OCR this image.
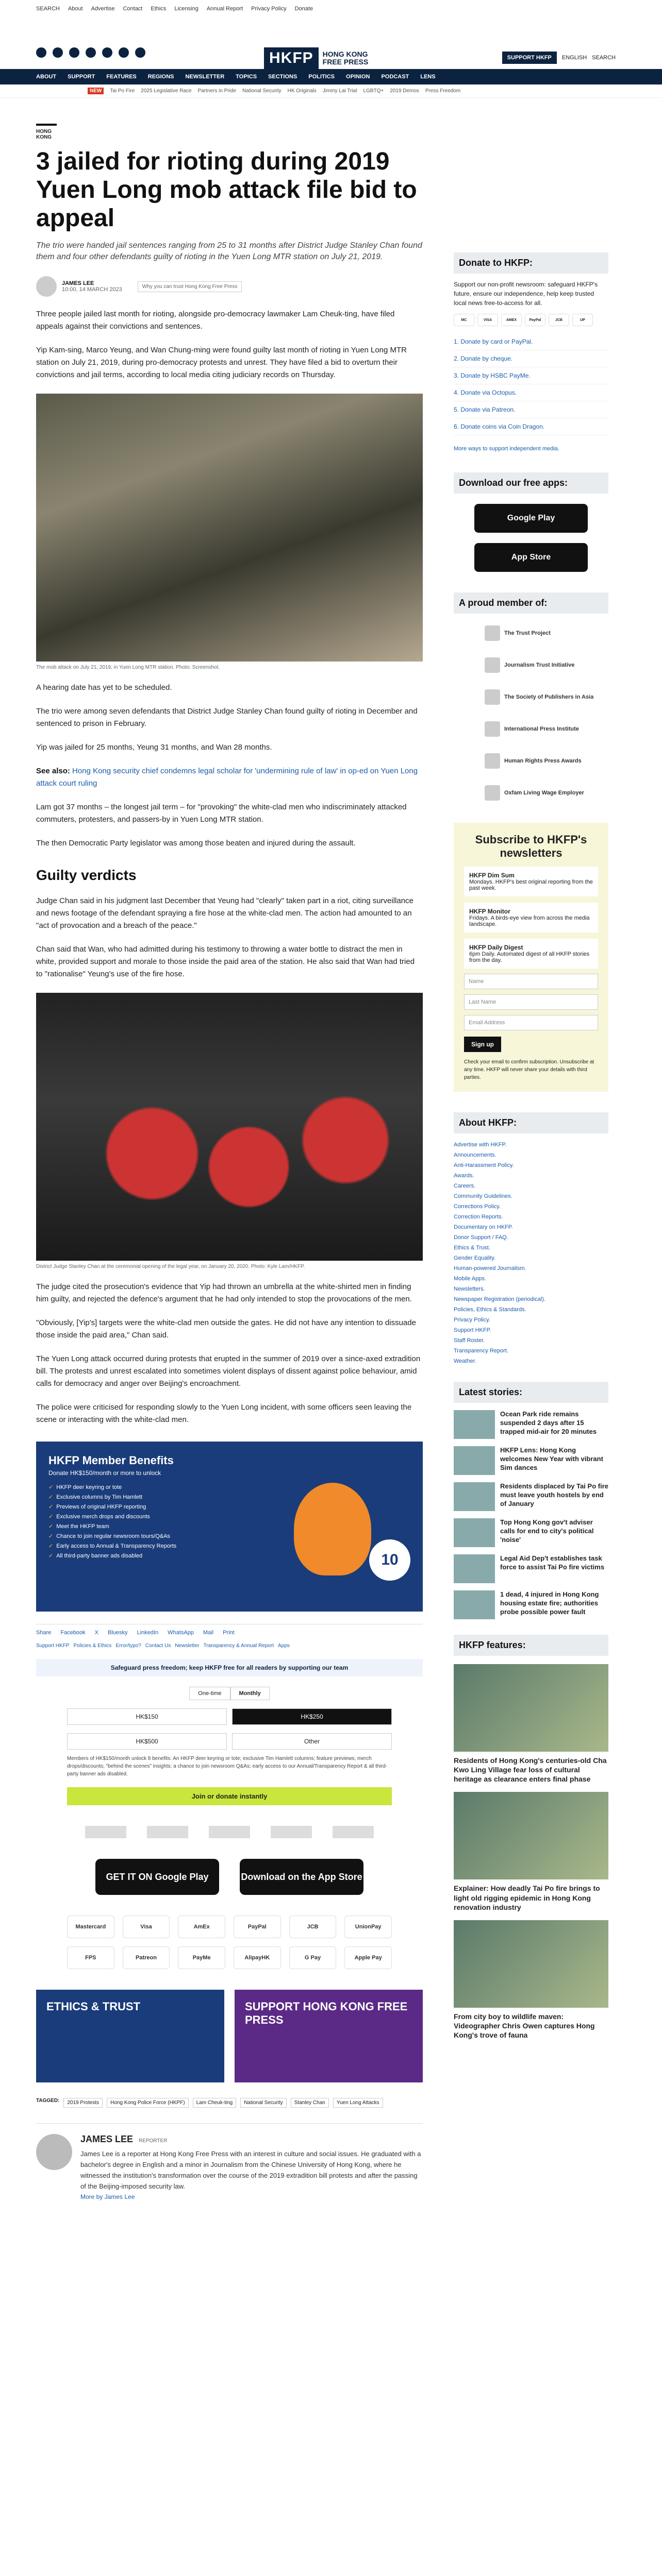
SEARCH About Advertise Contact Ethics Licensing Annual Report Privacy Policy Donate
HKFP	HONG KONG
FREE PRESS	SUPPORT HKFP	ENGLISH SEARCH
ABOUT SUPPORT FEATURES REGIONS NEWSLETTER TOPICS SECTIONS POLITICS OPINION PODCAST LENS
NEW	Tai Po Fire 2025 Legislative Race Partners in Pride National Security HK Originals Jimmy Lai Trial LGBTQ+ 2019 Demos Press Freedom
HONG KONG
3 jailed for rioting during 2019 Yuen Long mob attack file bid to appeal

The trio were handed jail sentences ranging from 25 to 31 months after District Judge Stanley Chan found them and four other defendants guilty of rioting in the Yuen Long MTR station on July 21, 2019.

JAMES LEE
10:00, 14 MARCH 2023	Why you can trust Hong Kong Free Press

Three people jailed last month for rioting, alongside pro-democracy lawmaker Lam Cheuk-ting, have filed appeals against their convictions and sentences.

Yip Kam-sing, Marco Yeung, and Wan Chung-ming were found guilty last month of rioting in Yuen Long MTR station on July 21, 2019, during pro-democracy protests and unrest. They have filed a bid to overturn their convictions and jail terms, according to local media citing judiciary records on Thursday.

The mob attack on July 21, 2019, in Yuen Long MTR station. Photo: Screenshot.

A hearing date has yet to be scheduled.

The trio were among seven defendants that District Judge Stanley Chan found guilty of rioting in December and sentenced to prison in February.

Yip was jailed for 25 months, Yeung 31 months, and Wan 28 months.

See also: Hong Kong security chief condemns legal scholar for 'undermining rule of law' in op-ed on Yuen Long attack court ruling

Lam got 37 months – the longest jail term – for "provoking" the white-clad men who indiscriminately attacked commuters, protesters, and passers-by in Yuen Long MTR station.

The then Democratic Party legislator was among those beaten and injured during the assault.

Guilty verdicts

Judge Chan said in his judgment last December that Yeung had "clearly" taken part in a riot, citing surveillance and news footage of the defendant spraying a fire hose at the white-clad men. The action had amounted to an "act of provocation and a breach of the peace."

Chan said that Wan, who had admitted during his testimony to throwing a water bottle to distract the men in white, provided support and morale to those inside the paid area of the station. He also said that Wan had tried to "rationalise" Yeung's use of the fire hose.

District Judge Stanley Chan at the ceremonial opening of the legal year, on January 20, 2020. Photo: Kyle Lam/HKFP.

The judge cited the prosecution's evidence that Yip had thrown an umbrella at the white-shirted men in finding him guilty, and rejected the defence's argument that he had only intended to stop the provocations of the men.

"Obviously, [Yip's] targets were the white-clad men outside the gates. He did not have any intention to dissuade those inside the paid area," Chan said.

The Yuen Long attack occurred during protests that erupted in the summer of 2019 over a since-axed extradition bill. The protests and unrest escalated into sometimes violent displays of dissent against police behaviour, amid calls for democracy and anger over Beijing's encroachment.

The police were criticised for responding slowly to the Yuen Long incident, with some officers seen leaving the scene or interacting with the white-clad men.

HKFP Member Benefits
Donate HK$150/month or more to unlock
✓ HKFP deer keyring or tote
✓ Exclusive columns by Tim Hamlett
✓ Previews of original HKFP reporting
✓ Exclusive merch drops and discounts
✓ Meet the HKFP team
✓ Chance to join regular newsroom tours/Q&As
✓ Early access to Annual & Transparency Reports
✓ All third-party banner ads disabled	10
Share Facebook X Bluesky LinkedIn WhatsApp Mail Print
Support HKFP Policies & Ethics Error/typo? Contact Us Newsletter Transparency & Annual Report Apps
Safeguard press freedom; keep HKFP free for all readers by supporting our team
One-time	Monthly
HK$150	HK$250
HK$500	Other
Members of HK$150/month unlock 8 benefits: An HKFP deer keyring or tote; exclusive Tim Hamlett columns; feature previews; merch drops/discounts; "behind the scenes" insights; a chance to join newsroom Q&As; early access to our Annual/Transparency Report & all third-party banner ads disabled.
Join or donate instantly
GET IT ON Google Play	Download on the App Store
Mastercard	Visa	AmEx	PayPal	JCB	UnionPay
FPS	Patreon	PayMe	AlipayHK	G Pay	Apple Pay
ETHICS & TRUST	SUPPORT HONG KONG FREE PRESS
TAGGED:	2019 Protests	Hong Kong Police Force (HKPF)	Lam Cheuk-ting	National Security	Stanley Chan	Yuen Long Attacks
JAMES LEE REPORTER
James Lee is a reporter at Hong Kong Free Press with an interest in culture and social issues. He graduated with a bachelor's degree in English and a minor in Journalism from the Chinese University of Hong Kong, where he witnessed the institution's transformation over the course of the 2019 extradition bill protests and after the passing of the Beijing-imposed security law.
More by James Lee
Donate to HKFP:

Support our non-profit newsroom: safeguard HKFP's future, ensure our independence, help keep trusted local news free-to-access for all.

MC	VISA	AMEX	PayPal	JCB	UP
1. Donate by card or PayPal.
2. Donate by cheque.
3. Donate by HSBC PayMe.
4. Donate via Octopus.
5. Donate via Patreon.
6. Donate coins via Coin Dragon.
More ways to support independent media.
Download our free apps:
Google Play
App Store
A proud member of:
The Trust Project
Journalism Trust Initiative
The Society of Publishers in Asia
International Press Institute
Human Rights Press Awards
Oxfam Living Wage Employer
Subscribe to HKFP's newsletters
HKFP Dim Sum
Mondays. HKFP's best original reporting from the past week.
HKFP Monitor
Fridays. A birds-eye view from across the media landscape.
HKFP Daily Digest
6pm Daily. Automated digest of all HKFP stories from the day.
Name
Last Name
Email Address
Sign up

Check your email to confirm subscription. Unsubscribe at any time. HKFP will never share your details with third parties.

About HKFP:
Advertise with HKFP.
Announcements.
Anti-Harassment Policy.
Awards.
Careers.
Community Guidelines.
Corrections Policy.
Correction Reports.
Documentary on HKFP.
Donor Support / FAQ.
Ethics & Trust.
Gender Equality.
Human-powered Journalism.
Mobile Apps.
Newsletters.
Newspaper Registration (periodical).
Policies, Ethics & Standards.
Privacy Policy.
Support HKFP.
Staff Roster.
Transparency Report.
Weather.
Latest stories:

Ocean Park ride remains suspended 2 days after 15 trapped mid-air for 20 minutes

HKFP Lens: Hong Kong welcomes New Year with vibrant Sim dances

Residents displaced by Tai Po fire must leave youth hostels by end of January

Top Hong Kong gov't adviser calls for end to city's political 'noise'

Legal Aid Dep't establishes task force to assist Tai Po fire victims

1 dead, 4 injured in Hong Kong housing estate fire; authorities probe possible power fault

HKFP features:

Residents of Hong Kong's centuries-old Cha Kwo Ling Village fear loss of cultural heritage as clearance enters final phase

Explainer: How deadly Tai Po fire brings to light old rigging epidemic in Hong Kong renovation industry

From city boy to wildlife maven: Videographer Chris Owen captures Hong Kong's trove of fauna
